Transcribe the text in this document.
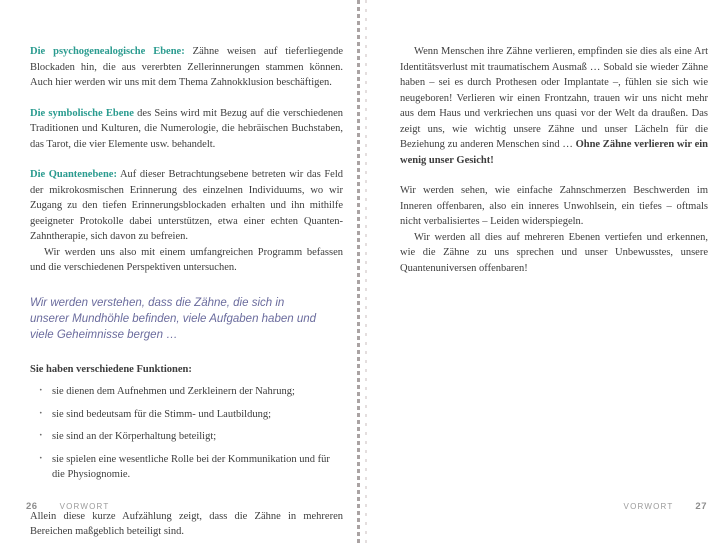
Die psychogenealogische Ebene: Zähne weisen auf tieferliegende Blockaden hin, die aus vererbten Zellerinnerungen stammen können. Auch hier werden wir uns mit dem Thema Zahnokklusion beschäftigen.

Die symbolische Ebene des Seins wird mit Bezug auf die verschiedenen Traditionen und Kulturen, die Numerologie, die hebräischen Buchstaben, das Tarot, die vier Elemente usw. behandelt.

Die Quantenebene: Auf dieser Betrachtungsebene betreten wir das Feld der mikrokosmischen Erinnerung des einzelnen Individuums, wo wir Zugang zu den tiefen Erinnerungsblockaden erhalten und ihn mithilfe geeigneter Protokolle dabei unterstützen, etwa einer echten Quanten-Zahntherapie, sich davon zu befreien.

Wir werden uns also mit einem umfangreichen Programm befassen und die verschiedenen Perspektiven untersuchen.

Wir werden verstehen, dass die Zähne, die sich in unserer Mundhöhle befinden, viele Aufgaben haben und viele Geheimnisse bergen …

Sie haben verschiedene Funktionen:

· sie dienen dem Aufnehmen und Zerkleinern der Nahrung;
· sie sind bedeutsam für die Stimm- und Lautbildung;
· sie sind an der Körperhaltung beteiligt;
· sie spielen eine wesentliche Rolle bei der Kommunikation und für die Physiognomie.

Allein diese kurze Aufzählung zeigt, dass die Zähne in mehreren Bereichen maßgeblich beteiligt sind.

Wenn Menschen ihre Zähne verlieren, empfinden sie dies als eine Art Identitätsverlust mit traumatischem Ausmaß … Sobald sie wieder Zähne haben – sei es durch Prothesen oder Implantate –, fühlen sie sich wie neugeboren! Verlieren wir einen Frontzahn, trauen wir uns nicht mehr aus dem Haus und verkriechen uns quasi vor der Welt da draußen. Das zeigt uns, wie wichtig unsere Zähne und unser Lächeln für die Beziehung zu anderen Menschen sind … Ohne Zähne verlieren wir ein wenig unser Gesicht!

Wir werden sehen, wie einfache Zahnschmerzen Beschwerden im Inneren offenbaren, also ein inneres Unwohlsein, ein tiefes – oftmals nicht verbalisiertes – Leiden widerspiegeln.

Wir werden all dies auf mehreren Ebenen vertiefen und erkennen, wie die Zähne zu uns sprechen und unser Unbewusstes, unsere Quantenuniversen offenbaren!

26	VORWORT	VORWORT 27
